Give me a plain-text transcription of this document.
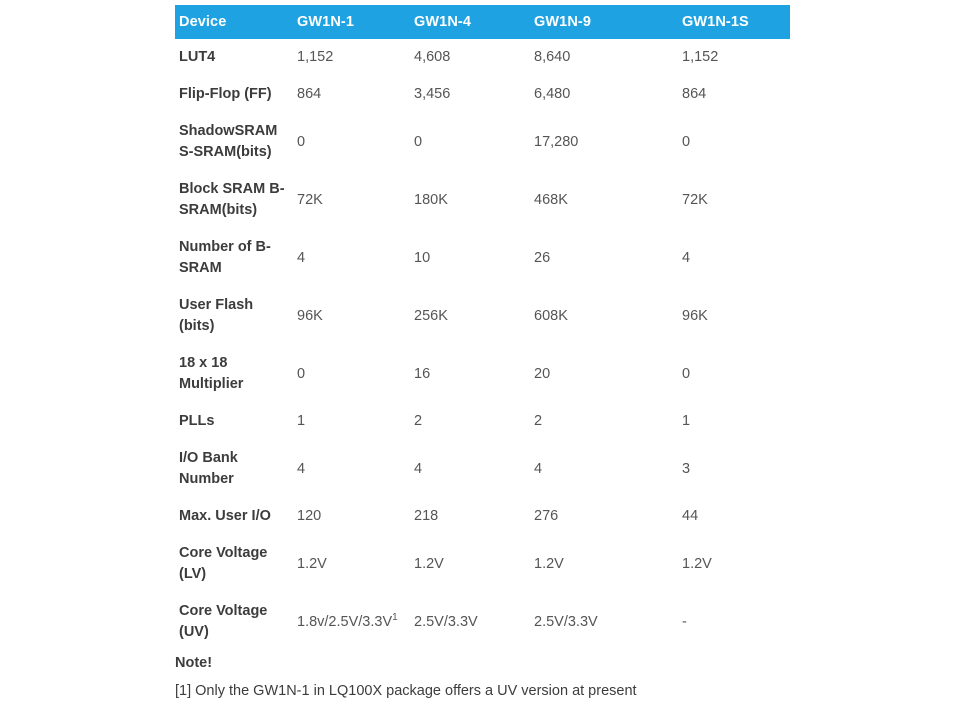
Device	GW1N-1	GW1N-4	GW1N-9	GW1N-1S
LUT4	1,152	4,608	8,640	1,152
Flip-Flop (FF)	864	3,456	6,480	864
ShadowSRAM S-SRAM(bits)	0	0	17,280	0
Block SRAM B-SRAM(bits)	72K	180K	468K	72K
Number of B-SRAM	4	10	26	4
User Flash (bits)	96K	256K	608K	96K
18 x 18 Multiplier	0	16	20	0
PLLs	1	2	2	1
I/O Bank Number	4	4	4	3
Max. User I/O	120	218	276	44
Core Voltage (LV)	1.2V	1.2V	1.2V	1.2V
Core Voltage (UV)	$1.8v/2.5V/3.3V^1$	2.5V/3.3V	2.5V/3.3V	-

Note!

[1] Only the GW1N-1 in LQ100X package offers a UV version at present
